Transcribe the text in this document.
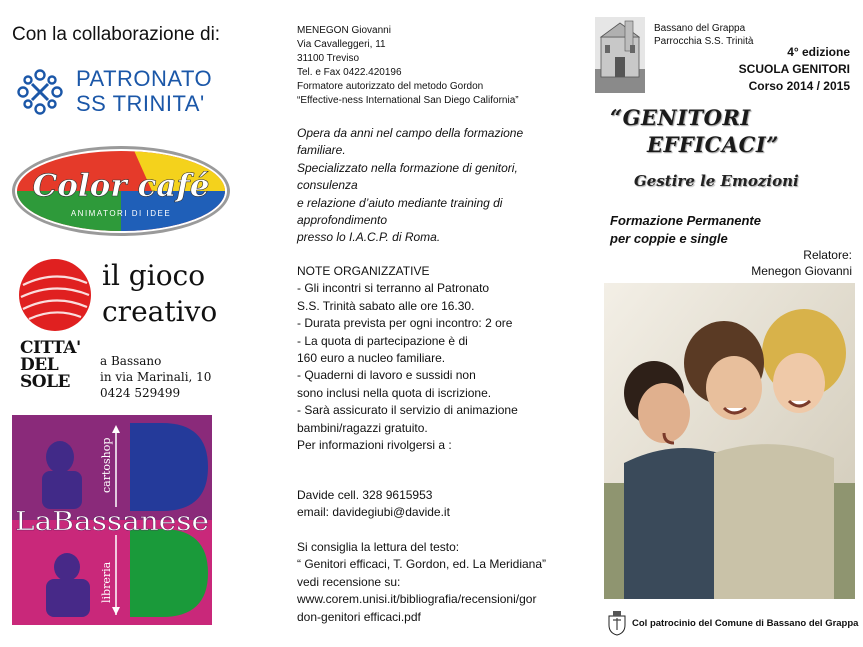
Con la collaborazione di:
PATRONATO
SS TRINITA'
Color café
ANIMATORI DI IDEE
il gioco
creativo
CITTA'
DEL
SOLE
a Bassano
in via Marinali, 10
0424 529499
cartoshop
libreria
LaBassanese
MENEGON Giovanni
Via Cavalleggeri, 11
31100 Treviso
Tel. e Fax 0422.420196
Formatore autorizzato del metodo Gordon
“Effective-ness International San Diego California”
Opera da anni nel campo della formazione
familiare.
Specializzato nella formazione di genitori,
consulenza
e relazione d’aiuto mediante training di
approfondimento
presso lo I.A.C.P. di Roma.
NOTE ORGANIZZATIVE
- Gli incontri si terranno al Patronato
S.S. Trinità sabato alle ore 16.30.
- Durata prevista per ogni incontro: 2 ore
- La quota di partecipazione è di
160 euro a nucleo familiare.
- Quaderni di lavoro e sussidi non
sono inclusi nella quota di iscrizione.
- Sarà assicurato il servizio di animazione
bambini/ragazzi gratuito.
Per informazioni rivolgersi a :
Davide cell. 328 9615953
email: davidegiubi@davide.it
Si consiglia la lettura del testo:
“ Genitori efficaci, T. Gordon, ed. La Meridiana”
vedi recensione su:
www.corem.unisi.it/bibliografia/recensioni/gor
don-genitori efficaci.pdf
Bassano del Grappa
Parrocchia S.S. Trinità
4° edizione
SCUOLA GENITORI
Corso 2014 / 2015
“GENITORI
EFFICACI”
Gestire le Emozioni
Formazione Permanente
per coppie e single
Relatore:
Menegon Giovanni
Col patrocinio del Comune di Bassano del Grappa
